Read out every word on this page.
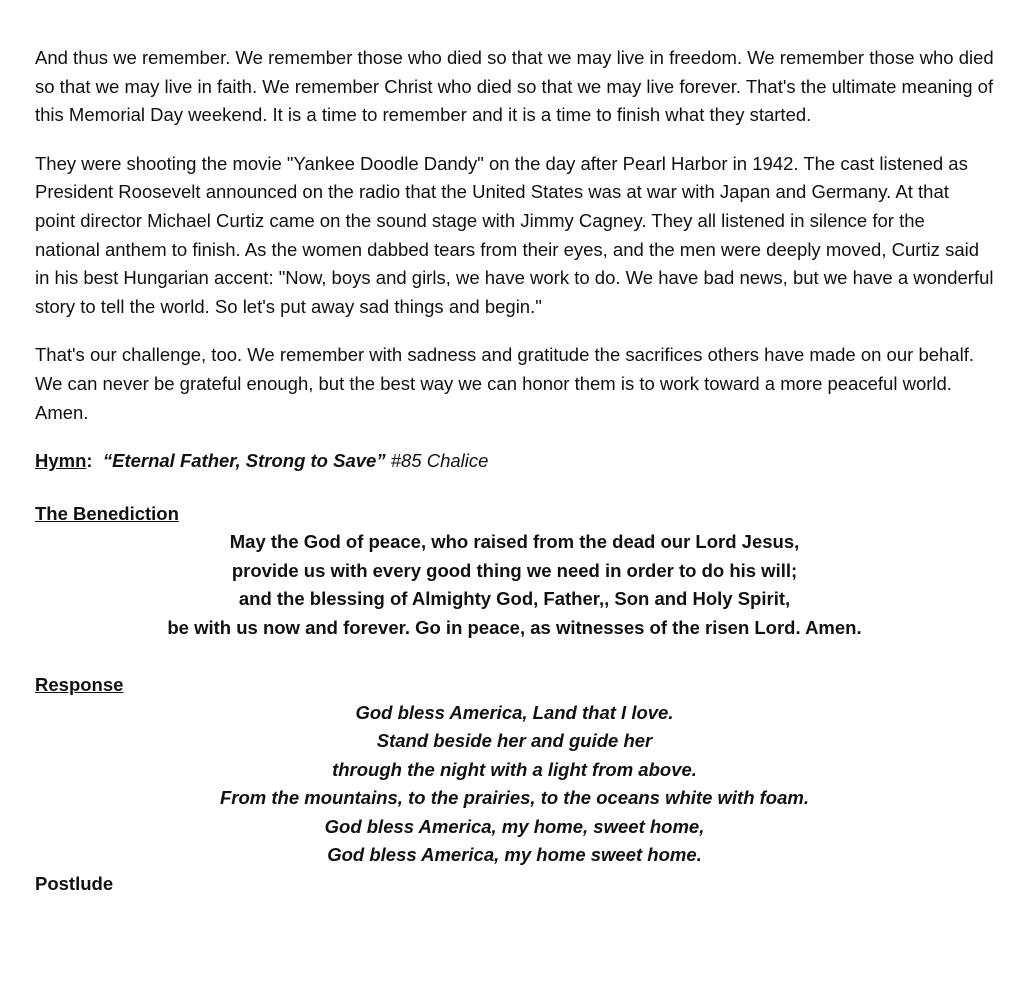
And thus we remember. We remember those who died so that we may live in freedom. We remember those who died so that we may live in faith. We remember Christ who died so that we may live forever. That's the ultimate meaning of this Memorial Day weekend. It is a time to remember and it is a time to finish what they started.

They were shooting the movie "Yankee Doodle Dandy" on the day after Pearl Harbor in 1942. The cast listened as President Roosevelt announced on the radio that the United States was at war with Japan and Germany. At that point director Michael Curtiz came on the sound stage with Jimmy Cagney. They all listened in silence for the national anthem to finish. As the women dabbed tears from their eyes, and the men were deeply moved, Curtiz said in his best Hungarian accent: "Now, boys and girls, we have work to do. We have bad news, but we have a wonderful story to tell the world. So let's put away sad things and begin."

That's our challenge, too. We remember with sadness and gratitude the sacrifices others have made on our behalf. We can never be grateful enough, but the best way we can honor them is to work toward a more peaceful world. Amen.

Hymn: “Eternal Father, Strong to Save” #85 Chalice

The Benediction

May the God of peace, who raised from the dead our Lord Jesus,
provide us with every good thing we need in order to do his will;
and the blessing of Almighty God, Father,, Son and Holy Spirit,
be with us now and forever. Go in peace, as witnesses of the risen Lord. Amen.

Response

God bless America, Land that I love.
Stand beside her and guide her
through the night with a light from above.
From the mountains, to the prairies, to the oceans white with foam.
God bless America, my home, sweet home,
God bless America, my home sweet home.

Postlude
